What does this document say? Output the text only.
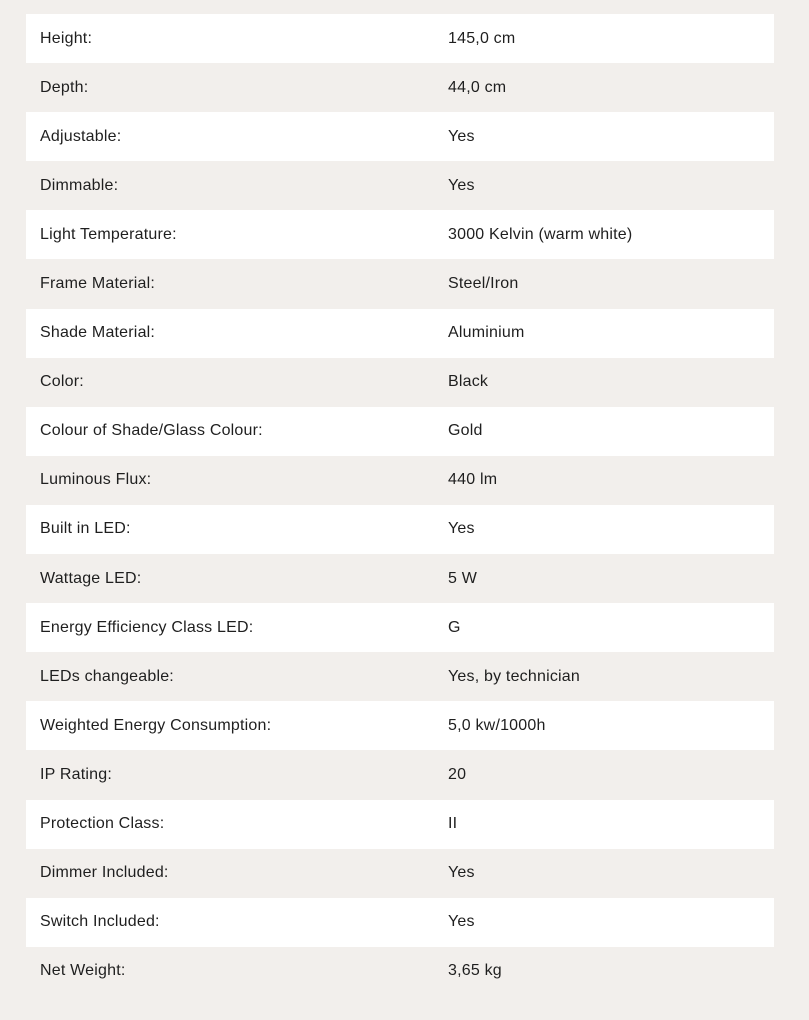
Height:	145,0 cm
Depth:	44,0 cm
Adjustable:	Yes
Dimmable:	Yes
Light Temperature:	3000 Kelvin (warm white)
Frame Material:	Steel/Iron
Shade Material:	Aluminium
Color:	Black
Colour of Shade/Glass Colour:	Gold
Luminous Flux:	440 lm
Built in LED:	Yes
Wattage LED:	5 W
Energy Efficiency Class LED:	G
LEDs changeable:	Yes, by technician
Weighted Energy Consumption:	5,0 kw/1000h
IP Rating:	20
Protection Class:	II
Dimmer Included:	Yes
Switch Included:	Yes
Net Weight:	3,65 kg
